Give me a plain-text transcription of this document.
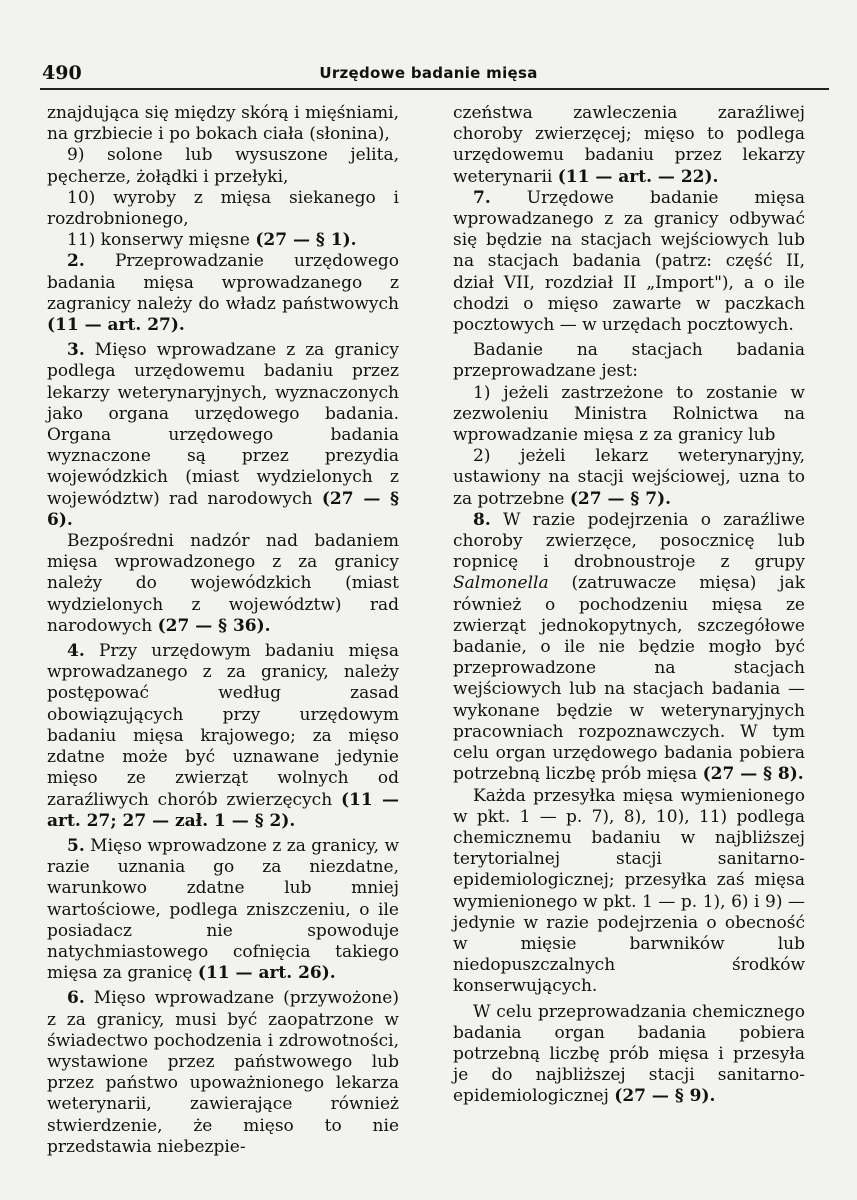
490	Urzędowe badanie mięsa

znajdująca się między skórą i mięśniami, na grzbiecie i po bokach ciała (słonina),

9) solone lub wysuszone jelita, pęcherze, żołądki i przełyki,

10) wyroby z mięsa siekanego i rozdrobnionego,

11) konserwy mięsne (27 — § 1).

2. Przeprowadzanie urzędowego badania mięsa wprowadzanego z zagranicy należy do władz państwowych (11 — art. 27).

3. Mięso wprowadzane z za granicy podlega urzędowemu badaniu przez lekarzy weterynaryjnych, wyznaczonych jako organa urzędowego badania. Organa urzędowego badania wyznaczone są przez prezydia wojewódzkich (miast wydzielonych z województw) rad narodowych (27 — § 6).

Bezpośredni nadzór nad badaniem mięsa wprowadzonego z za granicy należy do wojewódzkich (miast wydzielonych z województw) rad narodowych (27 — § 36).

4. Przy urzędowym badaniu mięsa wprowadzanego z za granicy, należy postępować według zasad obowiązujących przy urzędowym badaniu mięsa krajowego; za mięso zdatne może być uznawane jedynie mięso ze zwierząt wolnych od zaraźliwych chorób zwierzęcych (11 — art. 27; 27 — zał. 1 — § 2).

5. Mięso wprowadzone z za granicy, w razie uznania go za niezdatne, warunkowo zdatne lub mniej wartościowe, podlega zniszczeniu, o ile posiadacz nie spowoduje natychmiastowego cofnięcia takiego mięsa za granicę (11 — art. 26).

6. Mięso wprowadzane (przywożone) z za granicy, musi być zaopatrzone w świadectwo pochodzenia i zdrowotności, wystawione przez państwowego lub przez państwo upoważnionego lekarza weterynarii, zawierające również stwierdzenie, że mięso to nie przedstawia niebezpie-

czeństwa zawleczenia zaraźliwej choroby zwierzęcej; mięso to podlega urzędowemu badaniu przez lekarzy weterynarii (11 — art. — 22).

7. Urzędowe badanie mięsa wprowadzanego z za granicy odbywać się będzie na stacjach wejściowych lub na stacjach badania (patrz: część II, dział VII, rozdział II „Import"), a o ile chodzi o mięso zawarte w paczkach pocztowych — w urzędach pocztowych.

Badanie na stacjach badania przeprowadzane jest:

1) jeżeli zastrzeżone to zostanie w zezwoleniu Ministra Rolnictwa na wprowadzanie mięsa z za granicy lub

2) jeżeli lekarz weterynaryjny, ustawiony na stacji wejściowej, uzna to za potrzebne (27 — § 7).

8. W razie podejrzenia o zaraźliwe choroby zwierzęce, posocznicę lub ropnicę i drobnoustroje z grupy Salmonella (zatruwacze mięsa) jak również o pochodzeniu mięsa ze zwierząt jednokopytnych, szczegółowe badanie, o ile nie będzie mogło być przeprowadzone na stacjach wejściowych lub na stacjach badania — wykonane będzie w weterynaryjnych pracowniach rozpoznawczych. W tym celu organ urzędowego badania pobiera potrzebną liczbę prób mięsa (27 — § 8).

Każda przesyłka mięsa wymienionego w pkt. 1 — p. 7), 8), 10), 11) podlega chemicznemu badaniu w najbliższej terytorialnej stacji sanitarno-epidemiologicznej; przesyłka zaś mięsa wymienionego w pkt. 1 — p. 1), 6) i 9) — jedynie w razie podejrzenia o obecność w mięsie barwników lub niedopuszczalnych środków konserwujących.

W celu przeprowadzania chemicznego badania organ badania pobiera potrzebną liczbę prób mięsa i przesyła je do najbliższej stacji sanitarno-epidemiologicznej (27 — § 9).
